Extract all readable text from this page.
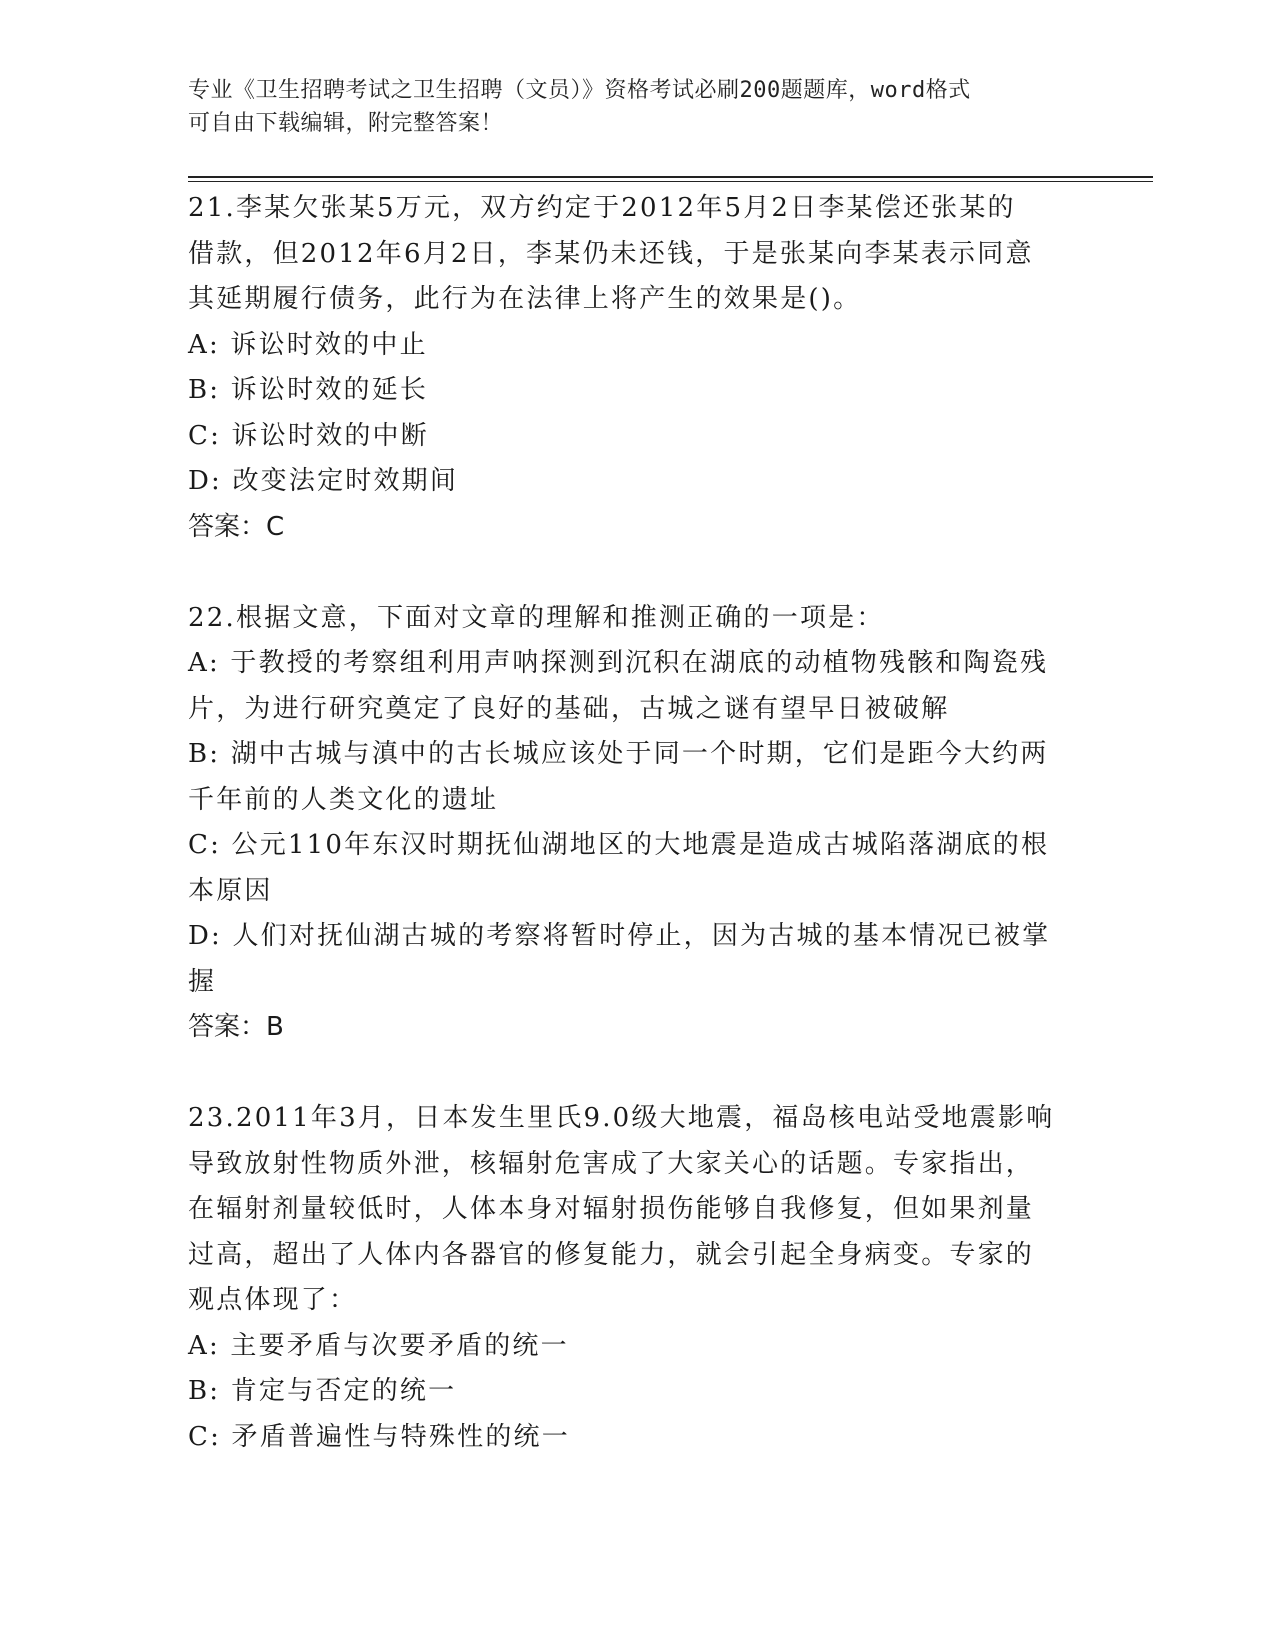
专业《卫生招聘考试之卫生招聘（文员）》资格考试必刷200题题库，word格式
可自由下载编辑，附完整答案！

21.李某欠张某5万元，双方约定于2012年5月2日李某偿还张某的

借款，但2012年6月2日，李某仍未还钱，于是张某向李某表示同意

其延期履行债务，此行为在法律上将产生的效果是()。

A: 诉讼时效的中止

B: 诉讼时效的延长

C: 诉讼时效的中断

D: 改变法定时效期间

答案：C

22.根据文意，下面对文章的理解和推测正确的一项是：

A: 于教授的考察组利用声呐探测到沉积在湖底的动植物残骸和陶瓷残

片，为进行研究奠定了良好的基础，古城之谜有望早日被破解

B: 湖中古城与滇中的古长城应该处于同一个时期，它们是距今大约两

千年前的人类文化的遗址

C: 公元110年东汉时期抚仙湖地区的大地震是造成古城陷落湖底的根

本原因

D: 人们对抚仙湖古城的考察将暂时停止，因为古城的基本情况已被掌

握

答案：B

23.2011年3月，日本发生里氏9.0级大地震，福岛核电站受地震影响

导致放射性物质外泄，核辐射危害成了大家关心的话题。专家指出，

在辐射剂量较低时，人体本身对辐射损伤能够自我修复，但如果剂量

过高，超出了人体内各器官的修复能力，就会引起全身病变。专家的

观点体现了：

A: 主要矛盾与次要矛盾的统一

B: 肯定与否定的统一

C: 矛盾普遍性与特殊性的统一
